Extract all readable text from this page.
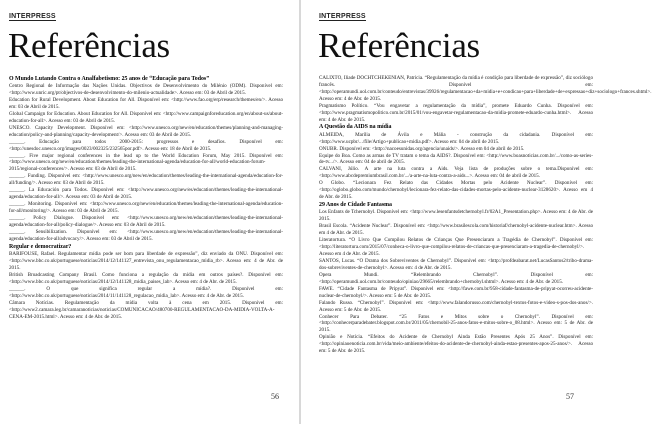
INTERPRESS
Referências

O Mundo Lutando Contra o Analfabetismo: 25 anos de “Educação para Todos”

Centro Regional de Informação das Nações Unidas. Objectivos de Desenvolvimento do Milénio (ODM). Disponível em: <http://www.unric.org/pt/objectivos-de-desenvolvimento-do-milenio-actualidade>. Acesso em: 03 de Abril de 2015.

Education for Rural Development. About Education for All. Disponível em: <http://www.fao.org/erp/research/themes/en/>. Acesso em: 03 de Abril de 2015.

Global Campaign for Education. About Education for All. Disponível em: <http://www.campaignforeducation.org/en/about-us/about-education-for-all>. Acesso em: 03 de Abril de 2015.

UNESCO. Capacity Development. Disponível em: <http://www.unesco.org/new/en/education/themes/planning-and-managing-education/policy-and-planning/capacity-development/>. Acesso em: 03 de Abril de 2015.

______. Educação para todos 2000-2015: progressos e desafios. Disponível em: <http://unesdoc.unesco.org/images/0023/002325/232565por.pdf>. Acesso em: 18 de Abril de 2015.

______. Five major regional conferences in the lead up to the World Education Forum, May 2015. Disponível em: <http://www.unesco.org/new/en/education/themes/leading-the-international-agenda/education-for-all/world-education-forum-2015/regional-conferences/>. Acesso em: 03 de Abril de 2015.

______. Funding. Disponível em: <http://www.unesco.org/new/en/education/themes/leading-the-international-agenda/education-for-all/funding/>. Acesso em: 03 de Abril de 2015.

______. La Educación para Todos. Disponível em: <http://www.unesco.org/new/es/education/themes/leading-the-international-agenda/education-for-all/>. Acesso em: 03 de Abril de 2015.

______. Monitoring. Disponível em: <http://www.unesco.org/new/en/education/themes/leading-the-international-agenda/education-for-all/monitoring/>. Acesso em: 03 de Abril de 2015.

______. Policy Dialogue. Disponível em: <http://www.unesco.org/new/en/education/themes/leading-the-international-agenda/education-for-all/policy-dialogue/>. Acesso em: 03 de Abril de 2015.

______. Sensibilization. Disponível em: <http://www.unesco.org/new/en/education/themes/leading-the-international-agenda/education-for-all/advocacy/>. Acesso em: 03 de Abril de 2015.

Regular e democratizar?

BARIFOUSE, Rafael. Regulamentar mídia pode ser bom para liberdade de expressão”, diz enviado da ONU. Disponível em: <http://www.bbc.co.uk/portuguese/noticias/2014/12/141127_entrevista_onu_regulamentacao_midia_rb>. Acesso em: 4 de Abr. de 2015.

British Broadcasting Company Brasil. Como funciona a regulação da mídia em outros países?. Disponível em: <http://www.bbc.co.uk/portuguese/noticias/2014/12/141128_midia_paises_lab>. Acesso em: 4 de Abr. de 2015.

______. O que significa regular a mídia?. Disponível em: <http://www.bbc.co.uk/portuguese/noticias/2014/11/141128_regulacao_midia_lab>. Acesso em: 4 de Abr. de 2015.

Câmara Notícias. Regulamentação da mídia volta à cena em 2015. Disponível em: <http://www2.camara.leg.br/camaranoticias/noticias/COMUNICACAO/480700-REGULAMENTACAO-DA-MIDIA-VOLTA-A-CENA-EM-2015.html>. Acesso em: 4 de Abr. de 2015.

56
INTERPRESS
Referências

CALIXTO, Iliade DOCHTCHEKENIAN, Patricia. “Regulamentação da mídia é condição para liberdade de expressão”, diz sociólogo francês. Disponível em: <http://operamundi.uol.com.br/conteudo/entrevistas/39926/regulamentacao+da+midia+e+condicao+para+liberdade+de+expressao+diz+sociologo+frances.shtml>. Acesso em: 4 de Abr. de 2015.

Pragmatismo Político. “Vou engavetar a regulamentação da mídia”, promete Eduardo Cunha. Disponível em: <http://www.pragmatismopolitico.com.br/2015/01/vou-engavetar-regulamentacao-da-midia-promete-eduardo-cunha.html>. Acesso em: 4 de Abr. de 2015.

A Questão da AIDS na mídia

ALMEIDA, Marília de Ávila e Mália - construção da cidadania. Disponível em: <http://www.ucpbr/.../file/Artigo+publicao+midia.pdf>. Acesso em: 04 de abril de 2015.

ONUBR. Disponível em: <http://nacoesunidas.org/agencia/unaids/>. Acesso em 04 de abril de 2015.

Equipe do Boa. Como as armas de TV tratam o tema da AIDS?. Disponível em: <http://www.boasnoticias.com.br/.../como-as-series-de-tv.../>. Acesso em: 04 de abril de 2015.

CALVANI, Júlio. A arte na luta contra a Aids. Veja lista de produções sobre o tema.Disponível em: <http://www.abcdepremiumbrasil.com.br/.../a-arte-na-luta-contra-a-aids...>. Acesso em: 04 de abril de 2015.

O Globo. “Lecionara Fez Relato das Cidades Mortas pelo Acidente Nuclear”. Disponível em: <http://oglobo.globo.com/mundo/chernobyl/lecionara-fez-relato-das-cidades-mortas-pelo-acidente-nuclear-3128620>. Acesso em 4 de Abr. de 2015.

29 Anos de Cidade Fantasma

Los Enfants de Tchernobyl. Disponível em: <http://www.lesenfantsdetchernobyl.fr/02A1_Presentation.php>. Acesso em: 4 de Abr. de 2015.

Brasil Escola. “Acidente Nuclear”. Disponível em: <http://www.brasilescola.com/historiaf/chernobyl-acidente-nuclear.htm>. Acesso em 4 de Abr. de 2015.

Literatortura. “O Livro Que Compilou Relatos de Crianças Que Presenciaram a Tragédia de Chernobyl”. Disponível em: <http://literatortura.com/2015/07/conheca-o-livro-que-compilou-relatos-de-criancas-que-presenciaram-a-tragedia-de-chernobyl/>. Acesso em 4 de Abr. de 2015.

SANTOS, Lucas. “O Drama dos Sobreviventes de Chernobyl”. Disponível em: <http://profdeabarat.net/LucasSantos2/tribo-drama-dos-sobreviventes-de-chernobyl>. Acesso em: 4 de Abr. de 2015.

Opera Mundi. “Relembrando Chernobyl”. Disponível em: <http://operamundi.uol.com.br/conteudo/opiniao/29665/relembrando+chernobyl.shtml>. Acesso em: 4 de Abr. de 2015.

FAWE. “Cidade Fantasma de Pripyat”. Disponível em: <http://fawe.com.br/958-cidade-fantasma-de-pripyat-ocorreu-acidente-nuclear-de-chernobyl/>. Acesso em: 5 de Abr. de 2015.

Falando Russo. “Chernobyl”. Disponível em: <http://www.falandorusso.com/chernobyl-textos-fotos-e-video-s-pos-dos-anos/>. Acesso em: 5 de Abr. de 2015.

Conhecer Para Debater. “25 Fatos e Mitos sobre o Chernobyl”. Disponível em: <http://conhecerparadebater.blogspot.com.br/2011/05/chernobil-25-anos-fatos-e-mitos-sobre-o_08.html>. Acesso em: 5 de Abr. de 2015.

Opinião e Notícia. “Efeitos do Acidente de Chernobyl Ainda Estão Presentes Após 25 Anos”. Disponível em: <http://opiniaoenoticia.com.br/vida/meio-ambiente/efeitos-do-acidente-de-chernobyl-ainda-estao-presentes-apos-25-anos/>. Acesso em: 5 de Abr. de 2015.

57
